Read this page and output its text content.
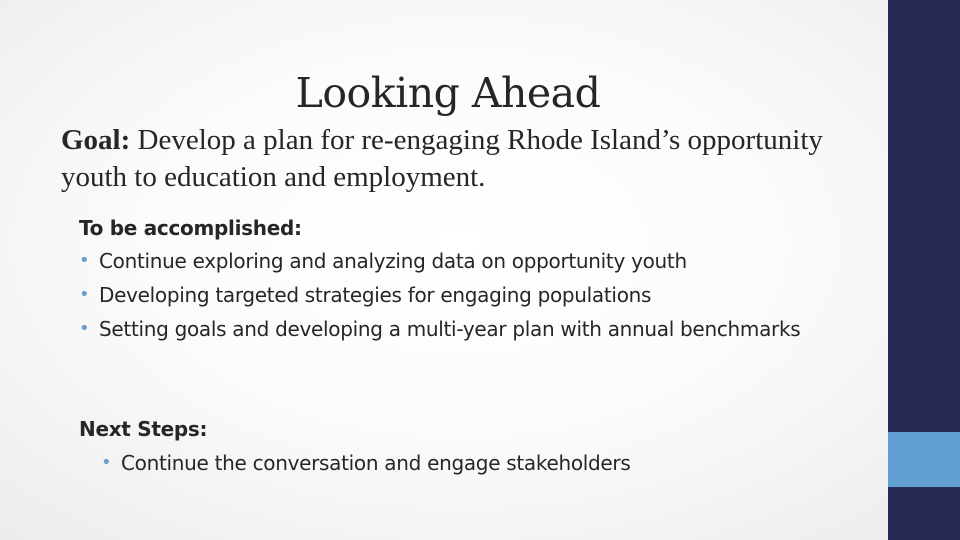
Looking Ahead
Goal: Develop a plan for re-engaging Rhode Island’s opportunity youth to education and employment.
To be accomplished:
• Continue exploring and analyzing data on opportunity youth
• Developing targeted strategies for engaging populations
• Setting goals and developing a multi-year plan with annual benchmarks
Next Steps:
• Continue the conversation and engage stakeholders
